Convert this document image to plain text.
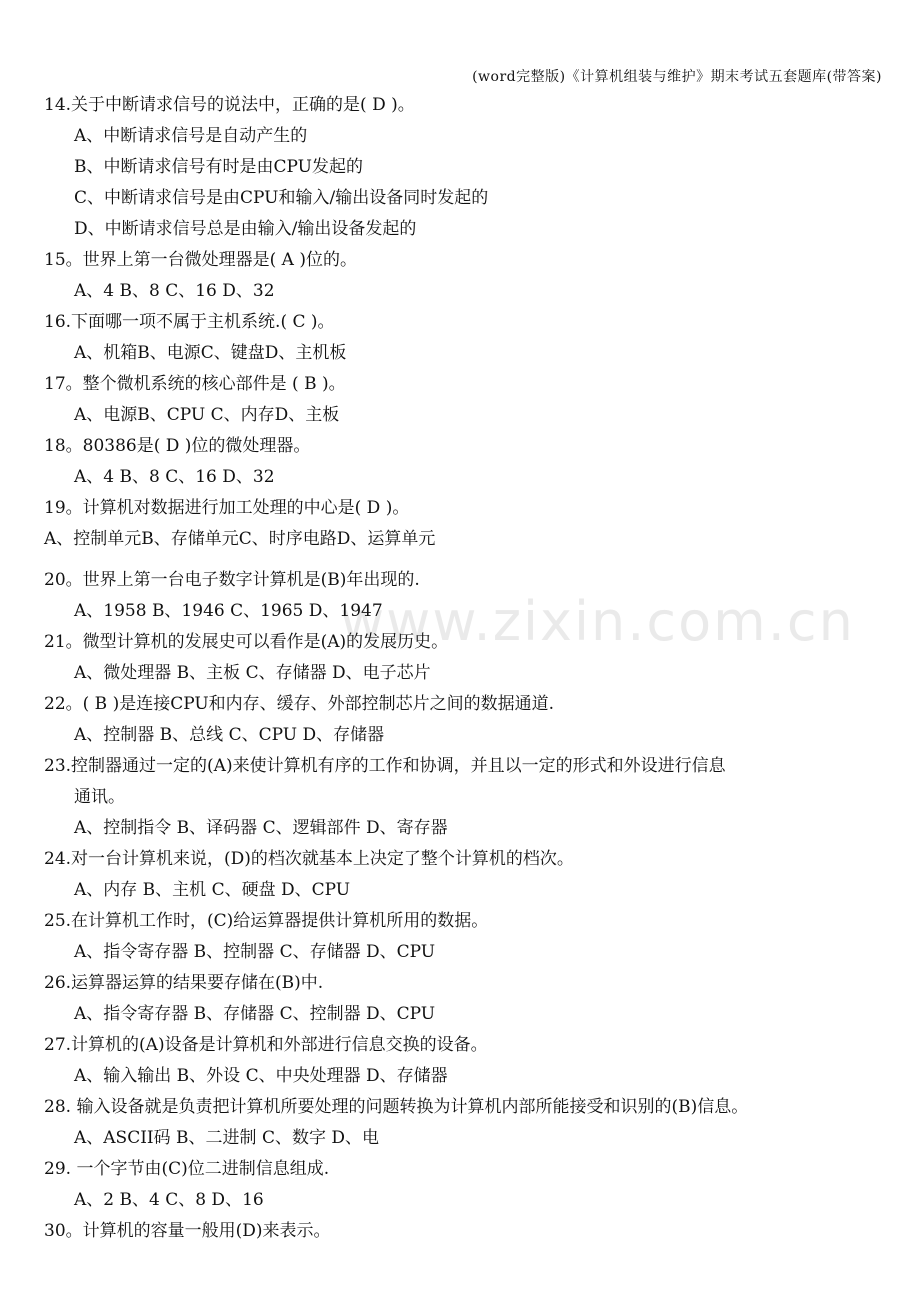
(word完整版)《计算机组装与维护》期末考试五套题库(带答案)
www.zixin.com.cn
14.关于中断请求信号的说法中，正确的是( D )。
A、中断请求信号是自动产生的
B、中断请求信号有时是由CPU发起的
C、中断请求信号是由CPU和输入/输出设备同时发起的
D、中断请求信号总是由输入/输出设备发起的
15。世界上第一台微处理器是( A )位的。
A、4 B、8 C、16 D、32
16.下面哪一项不属于主机系统.( C )。
A、机箱B、电源C、键盘D、主机板
17。整个微机系统的核心部件是 ( B )。
A、电源B、CPU C、内存D、主板
18。80386是( D )位的微处理器。
A、4 B、8 C、16 D、32
19。计算机对数据进行加工处理的中心是( D )。
A、控制单元B、存储单元C、时序电路D、运算单元
20。世界上第一台电子数字计算机是(B)年出现的.
A、1958 B、1946 C、1965 D、1947
21。微型计算机的发展史可以看作是(A)的发展历史。
A、微处理器 B、主板 C、存储器 D、电子芯片
22。( B )是连接CPU和内存、缓存、外部控制芯片之间的数据通道.
A、控制器 B、总线 C、CPU D、存储器
23.控制器通过一定的(A)来使计算机有序的工作和协调，并且以一定的形式和外设进行信息
通讯。
A、控制指令 B、译码器 C、逻辑部件 D、寄存器
24.对一台计算机来说，(D)的档次就基本上决定了整个计算机的档次。
A、内存 B、主机 C、硬盘 D、CPU
25.在计算机工作时，(C)给运算器提供计算机所用的数据。
A、指令寄存器 B、控制器 C、存储器 D、CPU
26.运算器运算的结果要存储在(B)中.
A、指令寄存器 B、存储器 C、控制器 D、CPU
27.计算机的(A)设备是计算机和外部进行信息交换的设备。
A、输入输出 B、外设 C、中央处理器 D、存储器
28. 输入设备就是负责把计算机所要处理的问题转换为计算机内部所能接受和识别的(B)信息。
A、ASCII码 B、二进制 C、数字 D、电
29. 一个字节由(C)位二进制信息组成.
A、2 B、4 C、8 D、16
30。计算机的容量一般用(D)来表示。
